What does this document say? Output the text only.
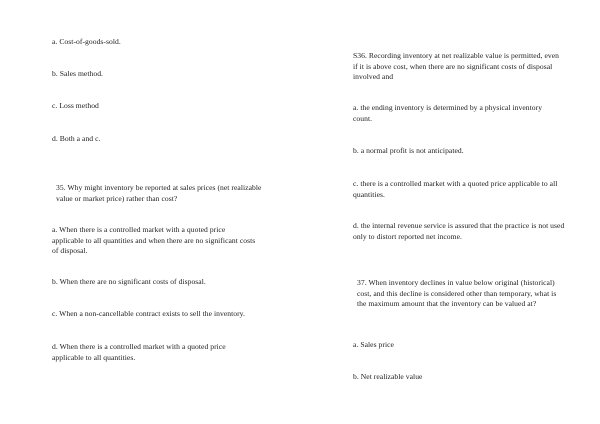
a. Cost-of-goods-sold.

b. Sales method.

c. Loss method

d. Both a and c.

35. Why might inventory be reported at sales prices (net realizable value or market price) rather than cost?

a. When there is a controlled market with a quoted price applicable to all quantities and when there are no significant costs of disposal.

b. When there are no significant costs of disposal.

c. When a non-cancellable contract exists to sell the inventory.

d. When there is a controlled market with a quoted price applicable to all quantities.

S36. Recording inventory at net realizable value is permitted, even if it is above cost, when there are no significant costs of disposal involved and

a. the ending inventory is determined by a physical inventory count.

b. a normal profit is not anticipated.

c. there is a controlled market with a quoted price applicable to all quantities.

d. the internal revenue service is assured that the practice is not used only to distort reported net income.

37. When inventory declines in value below original (historical) cost, and this decline is considered other than temporary, what is the maximum amount that the inventory can be valued at?

a. Sales price

b. Net realizable value
